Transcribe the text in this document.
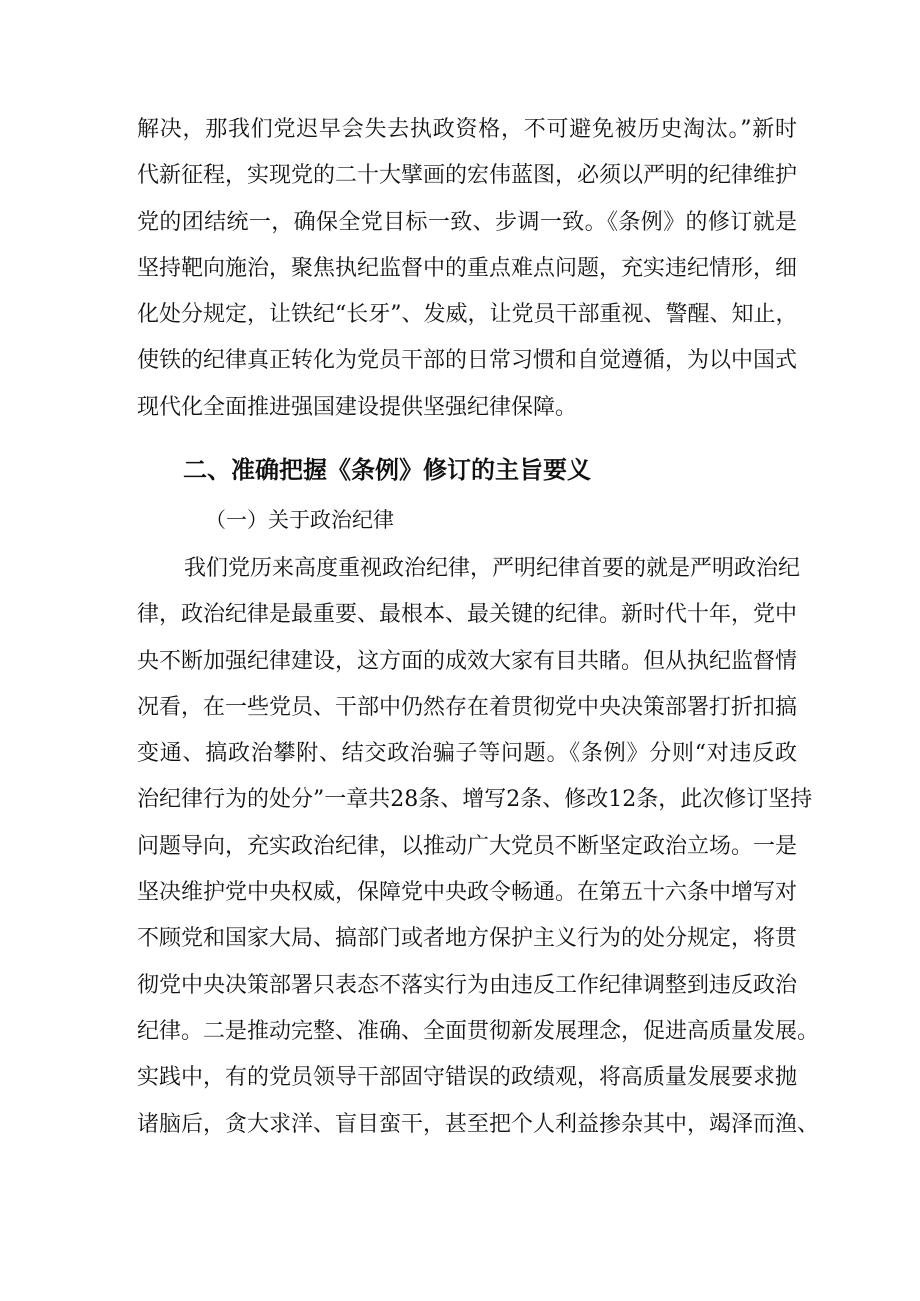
解决，那我们党迟早会失去执政资格，不可避免被历史淘汰。”新时
代新征程，实现党的二十大擘画的宏伟蓝图，必须以严明的纪律维护
党的团结统一，确保全党目标一致、步调一致。《条例》的修订就是
坚持靶向施治，聚焦执纪监督中的重点难点问题，充实违纪情形，细
化处分规定，让铁纪“长牙”、发威，让党员干部重视、警醒、知止，
使铁的纪律真正转化为党员干部的日常习惯和自觉遵循，为以中国式
现代化全面推进强国建设提供坚强纪律保障。
二、准确把握《条例》修订的主旨要义
（一）关于政治纪律
我们党历来高度重视政治纪律，严明纪律首要的就是严明政治纪
律，政治纪律是最重要、最根本、最关键的纪律。新时代十年，党中
央不断加强纪律建设，这方面的成效大家有目共睹。但从执纪监督情
况看，在一些党员、干部中仍然存在着贯彻党中央决策部署打折扣搞
变通、搞政治攀附、结交政治骗子等问题。《条例》分则“对违反政
治纪律行为的处分”一章共28条、增写2条、修改12条，此次修订坚持
问题导向，充实政治纪律，以推动广大党员不断坚定政治立场。一是
坚决维护党中央权威，保障党中央政令畅通。在第五十六条中增写对
不顾党和国家大局、搞部门或者地方保护主义行为的处分规定，将贯
彻党中央决策部署只表态不落实行为由违反工作纪律调整到违反政治
纪律。二是推动完整、准确、全面贯彻新发展理念，促进高质量发展。
实践中，有的党员领导干部固守错误的政绩观，将高质量发展要求抛
诸脑后，贪大求洋、盲目蛮干，甚至把个人利益掺杂其中，竭泽而渔、
